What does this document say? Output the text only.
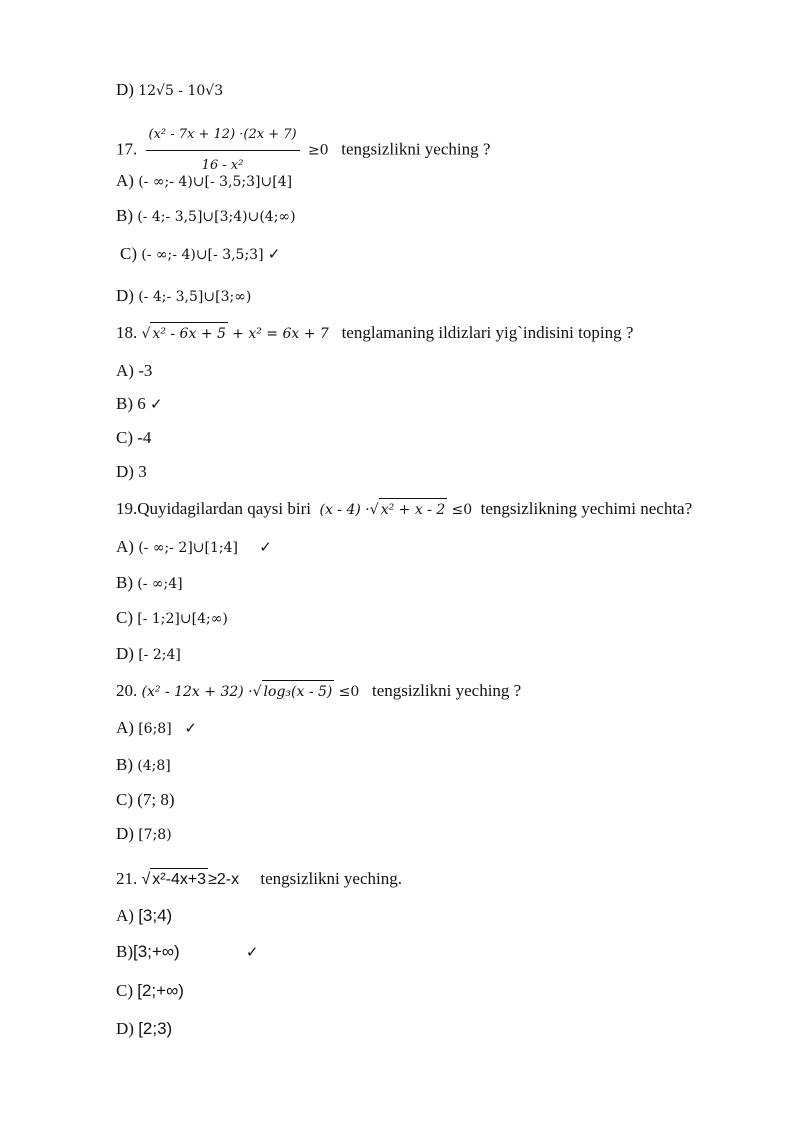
D) 12√5 - 10√3
17. $\frac{\text{(x² - 7x + 12) ·(2x + 7)}}{\text{16 - x²}} \ge 0$ tengsizlikni yeching ?
A) (- ∞;- 4)∪[- 3,5;3]∪[4]
B) (- 4;- 3,5]∪[3;4)∪(4;∞)
C) (- ∞;- 4)∪[- 3,5;3] ✓
D) (- 4;- 3,5]∪[3;∞)
18. √ x² - 6x + 5 + x² = 6x + 7 tenglamaning ildizlari yig`indisini toping ?
A) -3
B) 6 ✓
C) -4
D) 3
19.Quyidagilardan qaysi biri (x - 4) ·√ x² + x - 2 ≤0 tengsizlikning yechimi nechta?
A) (- ∞;- 2]∪[1;4] ✓
B) (- ∞;4]
C) [- 1;2]∪[4;∞)
D) [- 2;4]
20. (x² - 12x + 32) ·√ log₃(x - 5) ≤0 tengsizlikni yeching ?
A) [6;8] ✓
B) (4;8]
C) (7; 8)
D) [7;8)
21. √ x²-4x+3 ≥2-x tengsizlikni yeching.
A) [3;4)
B)[3;+∞)	✓
C) [2;+∞)
D) [2;3)
